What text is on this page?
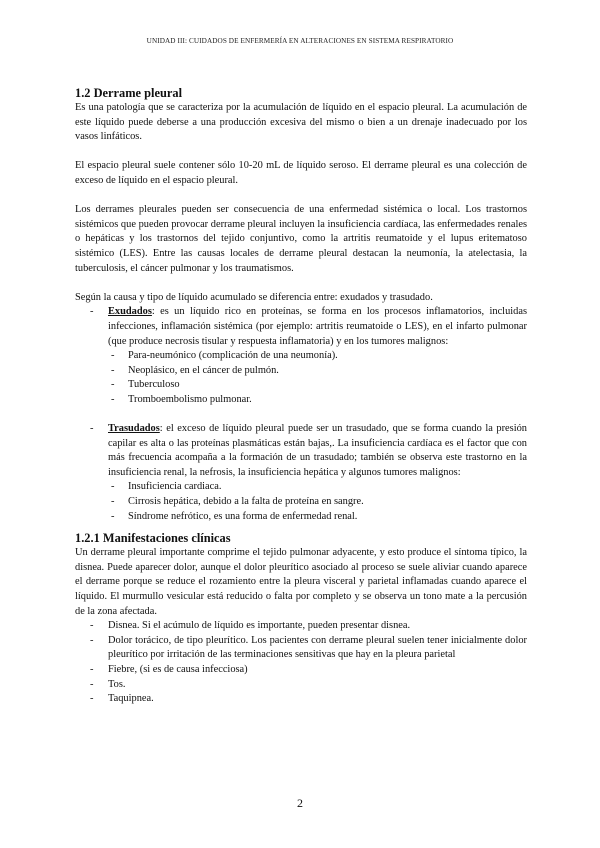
UNIDAD III: CUIDADOS DE ENFERMERÍA EN ALTERACIONES EN SISTEMA RESPIRATORIO
1.2 Derrame pleural

Es una patología que se caracteriza por la acumulación de líquido en el espacio pleural. La acumulación de este líquido puede deberse a una producción excesiva del mismo o bien a un drenaje inadecuado por los vasos linfáticos.

El espacio pleural suele contener sólo 10-20 mL de líquido seroso. El derrame pleural es una colección de exceso de líquido en el espacio pleural.

Los derrames pleurales pueden ser consecuencia de una enfermedad sistémica o local. Los trastornos sistémicos que pueden provocar derrame pleural incluyen la insuficiencia cardíaca, las enfermedades renales o hepáticas y los trastornos del tejido conjuntivo, como la artritis reumatoide y el lupus eritematoso sistémico (LES). Entre las causas locales de derrame pleural destacan la neumonía, la atelectasia, la tuberculosis, el cáncer pulmonar y los traumatismos.

Según la causa y tipo de líquido acumulado se diferencia entre: exudados y trasudado.

- Exudados: es un líquido rico en proteínas, se forma en los procesos inflamatorios, incluidas infecciones, inflamación sistémica (por ejemplo: artritis reumatoide o LES), en el infarto pulmonar (que produce necrosis tisular y respuesta inflamatoria) y en los tumores malignos:
- Para-neumónico (complicación de una neumonía).
- Neoplásico, en el cáncer de pulmón.
- Tuberculoso
- Tromboembolismo pulmonar.
- Trasudados: el exceso de líquido pleural puede ser un trasudado, que se forma cuando la presión capilar es alta o las proteínas plasmáticas están bajas,. La insuficiencia cardíaca es el factor que con más frecuencia acompaña a la formación de un trasudado; también se observa este trastorno en la insuficiencia renal, la nefrosis, la insuficiencia hepática y algunos tumores malignos:
- Insuficiencia cardiaca.
- Cirrosis hepática, debido a la falta de proteína en sangre.
- Síndrome nefrótico, es una forma de enfermedad renal.
1.2.1 Manifestaciones clínicas

Un derrame pleural importante comprime el tejido pulmonar adyacente, y esto produce el síntoma típico, la disnea. Puede aparecer dolor, aunque el dolor pleurítico asociado al proceso se suele aliviar cuando aparece el derrame porque se reduce el rozamiento entre la pleura visceral y parietal inflamadas cuando aparece el líquido. El murmullo vesicular está reducido o falta por completo y se observa un tono mate a la percusión de la zona afectada.

- Disnea. Si el acúmulo de líquido es importante, pueden presentar disnea.
- Dolor torácico, de tipo pleurítico. Los pacientes con derrame pleural suelen tener inicialmente dolor pleurítico por irritación de las terminaciones sensitivas que hay en la pleura parietal
- Fiebre, (si es de causa infecciosa)
- Tos.
- Taquipnea.
2
